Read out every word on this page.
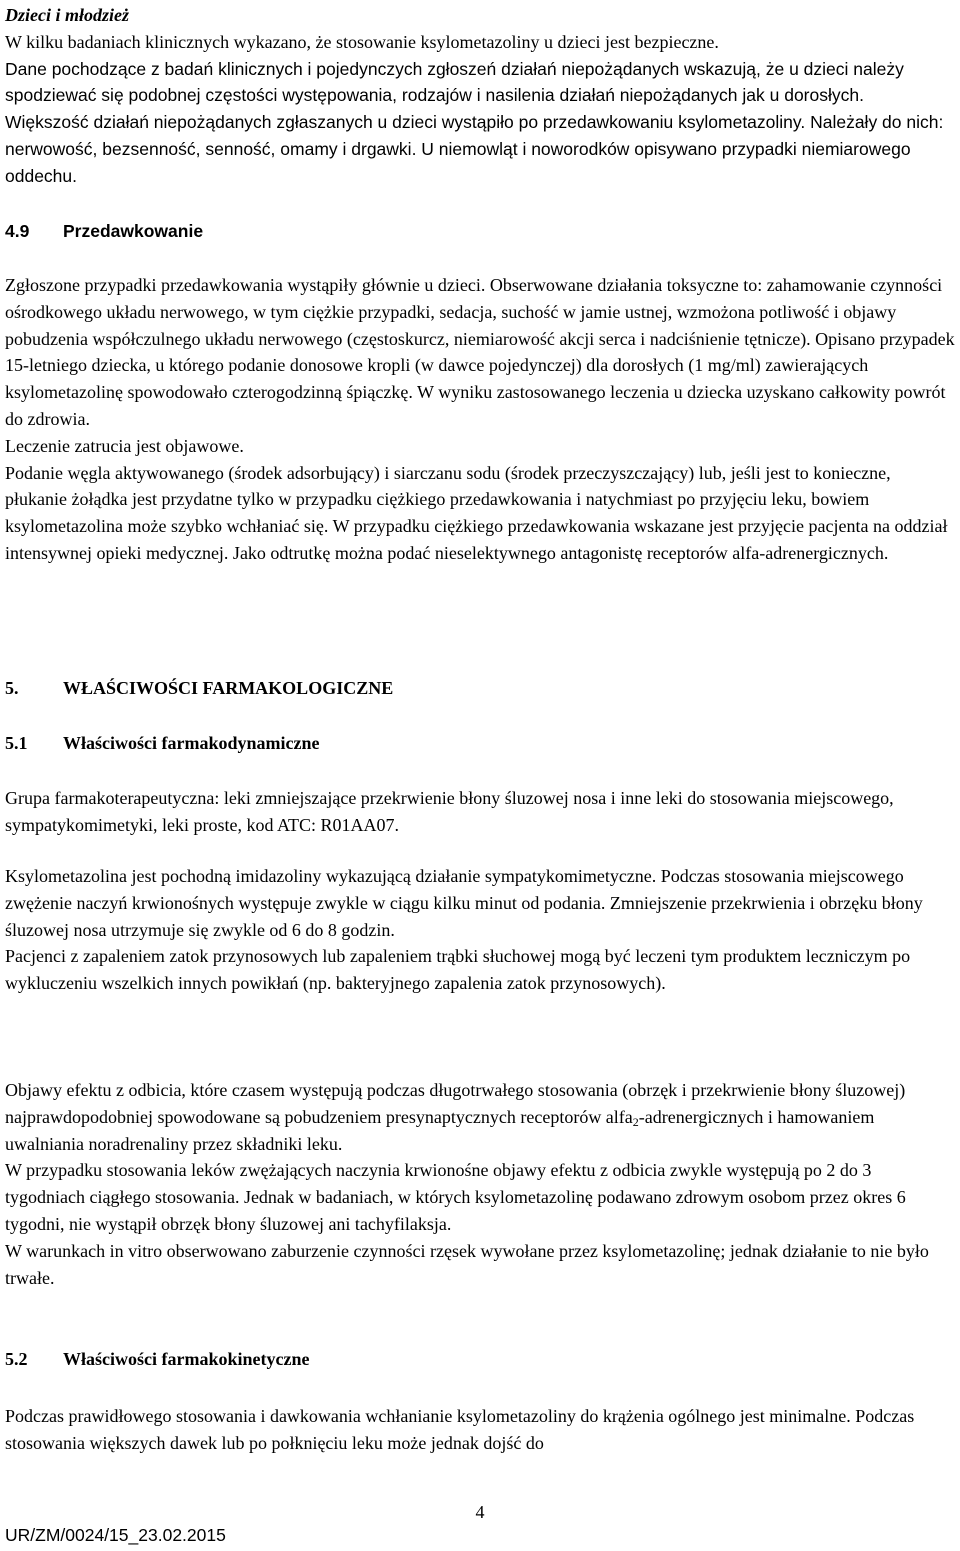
Dzieci i młodzież

W kilku badaniach klinicznych wykazano, że stosowanie ksylometazoliny u dzieci jest bezpieczne.

Dane pochodzące z badań klinicznych i pojedynczych zgłoszeń działań niepożądanych wskazują, że u dzieci należy spodziewać się podobnej częstości występowania, rodzajów i nasilenia działań niepożądanych jak u dorosłych.

Większość działań niepożądanych zgłaszanych u dzieci wystąpiło po przedawkowaniu ksylometazoliny. Należały do nich: nerwowość, bezsenność, senność, omamy i drgawki. U niemowląt i noworodków opisywano przypadki niemiarowego oddechu.

4.9 Przedawkowanie

Zgłoszone przypadki przedawkowania wystąpiły głównie u dzieci. Obserwowane działania toksyczne to: zahamowanie czynności ośrodkowego układu nerwowego, w tym ciężkie przypadki, sedacja, suchość w jamie ustnej, wzmożona potliwość i objawy pobudzenia współczulnego układu nerwowego (częstoskurcz, niemiarowość akcji serca i nadciśnienie tętnicze). Opisano przypadek 15-letniego dziecka, u którego podanie donosowe kropli (w dawce pojedynczej) dla dorosłych (1 mg/ml) zawierających ksylometazolinę spowodowało czterogodzinną śpiączkę. W wyniku zastosowanego leczenia u dziecka uzyskano całkowity powrót do zdrowia.

Leczenie zatrucia jest objawowe.

Podanie węgla aktywowanego (środek adsorbujący) i siarczanu sodu (środek przeczyszczający) lub, jeśli jest to konieczne, płukanie żołądka jest przydatne tylko w przypadku ciężkiego przedawkowania i natychmiast po przyjęciu leku, bowiem ksylometazolina może szybko wchłaniać się. W przypadku ciężkiego przedawkowania wskazane jest przyjęcie pacjenta na oddział intensywnej opieki medycznej. Jako odtrutkę można podać nieselektywnego antagonistę receptorów alfa-adrenergicznych.

5. WŁAŚCIWOŚCI FARMAKOLOGICZNE

5.1 Właściwości farmakodynamiczne

Grupa farmakoterapeutyczna: leki zmniejszające przekrwienie błony śluzowej nosa i inne leki do stosowania miejscowego, sympatykomimetyki, leki proste, kod ATC: R01AA07.

Ksylometazolina jest pochodną imidazoliny wykazującą działanie sympatykomimetyczne. Podczas stosowania miejscowego zwężenie naczyń krwionośnych występuje zwykle w ciągu kilku minut od podania. Zmniejszenie przekrwienia i obrzęku błony śluzowej nosa utrzymuje się zwykle od 6 do 8 godzin.

Pacjenci z zapaleniem zatok przynosowych lub zapaleniem trąbki słuchowej mogą być leczeni tym produktem leczniczym po wykluczeniu wszelkich innych powikłań (np. bakteryjnego zapalenia zatok przynosowych).

Objawy efektu z odbicia, które czasem występują podczas długotrwałego stosowania (obrzęk i przekrwienie błony śluzowej) najprawdopodobniej spowodowane są pobudzeniem presynaptycznych receptorów alfa$_2$-adrenergicznych i hamowaniem uwalniania noradrenaliny przez składniki leku.

W przypadku stosowania leków zwężających naczynia krwionośne objawy efektu z odbicia zwykle występują po 2 do 3 tygodniach ciągłego stosowania. Jednak w badaniach, w których ksylometazolinę podawano zdrowym osobom przez okres 6 tygodni, nie wystąpił obrzęk błony śluzowej ani tachyfilaksja.

W warunkach in vitro obserwowano zaburzenie czynności rzęsek wywołane przez ksylometazolinę; jednak działanie to nie było trwałe.

5.2 Właściwości farmakokinetyczne

Podczas prawidłowego stosowania i dawkowania wchłanianie ksylometazoliny do krążenia ogólnego jest minimalne. Podczas stosowania większych dawek lub po połknięciu leku może jednak dojść do

4
UR/ZM/0024/15_23.02.2015
